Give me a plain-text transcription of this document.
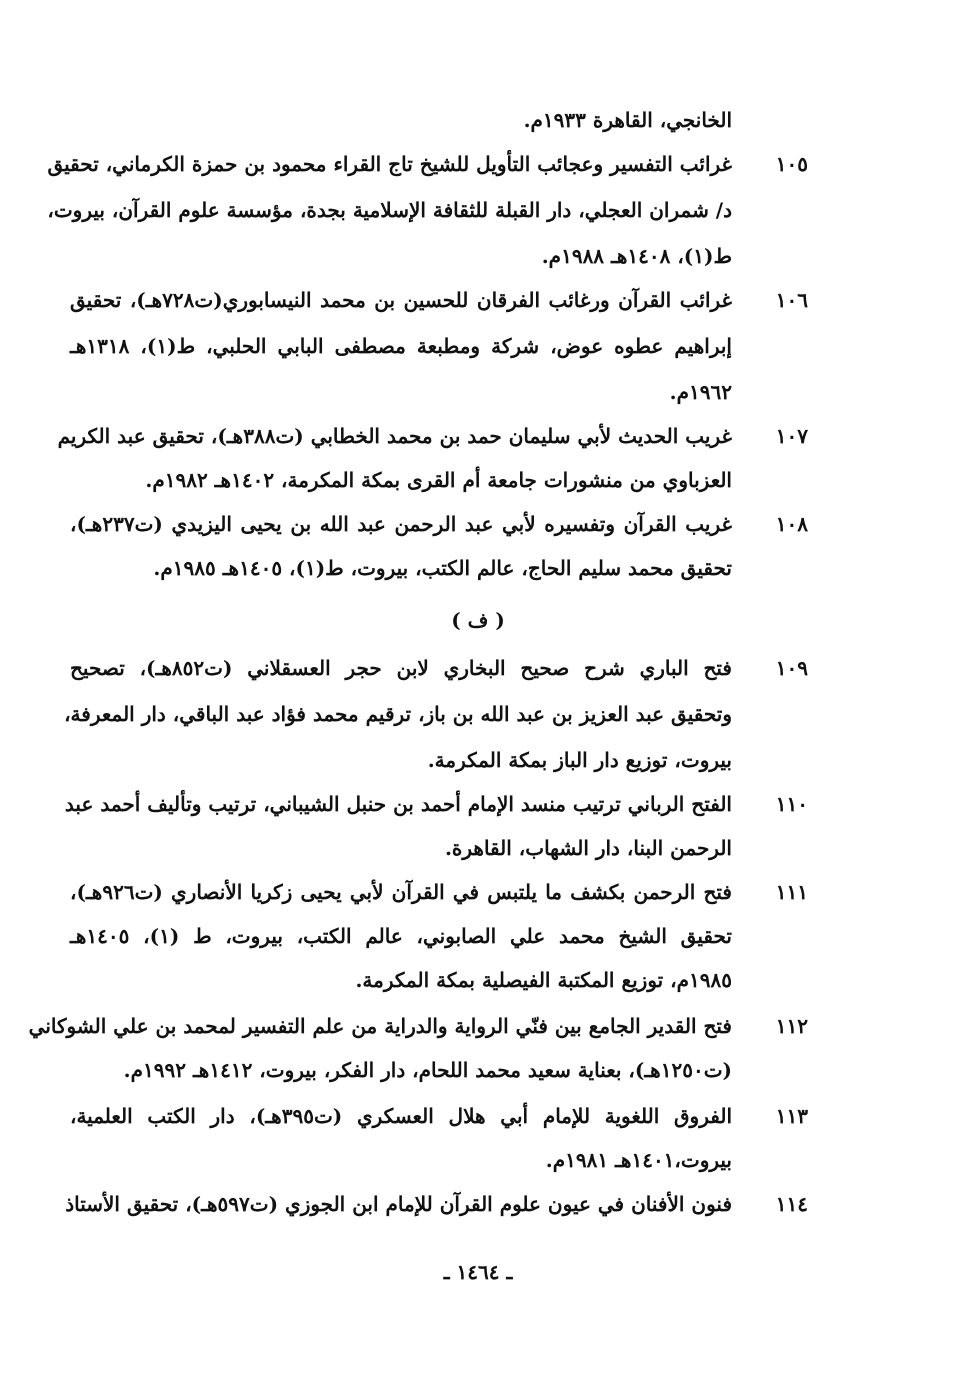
الخانجي، القاهرة ١٩٣٣م.
١٠٥
غرائب التفسير وعجائب التأويل للشيخ تاج القراء محمود بن حمزة الكرماني، تحقيق
د/ شمران العجلي، دار القبلة للثقافة الإسلامية بجدة، مؤسسة علوم القرآن، بيروت،
ط(١)، ١٤٠٨هـ ١٩٨٨م.
١٠٦
غرائب القرآن ورغائب الفرقان للحسين بن محمد النيسابوري(ت٧٢٨هـ)، تحقيق
إبراهيم عطوه عوض، شركة ومطبعة مصطفى البابي الحلبي، ط(١)، ١٣١٨هـ
١٩٦٢م.
١٠٧
غريب الحديث لأبي سليمان حمد بن محمد الخطابي (ت٣٨٨هـ)، تحقيق عبد الكريم
العزباوي من منشورات جامعة أم القرى بمكة المكرمة، ١٤٠٢هـ ١٩٨٢م.
١٠٨
غريب القرآن وتفسيره لأبي عبد الرحمن عبد الله بن يحيى اليزيدي (ت٢٣٧هـ)،
تحقيق محمد سليم الحاج، عالم الكتب، بيروت، ط(١)، ١٤٠٥هـ ١٩٨٥م.
( ف )
١٠٩
فتح الباري شرح صحيح البخاري لابن حجر العسقلاني (ت٨٥٢هـ)، تصحيح
وتحقيق عبد العزيز بن عبد الله بن باز، ترقيم محمد فؤاد عبد الباقي، دار المعرفة،
بيروت، توزيع دار الباز بمكة المكرمة.
١١٠
الفتح الرباني ترتيب منسد الإمام أحمد بن حنبل الشيباني، ترتيب وتأليف أحمد عبد
الرحمن البنا، دار الشهاب، القاهرة.
١١١
فتح الرحمن بكشف ما يلتبس في القرآن لأبي يحيى زكريا الأنصاري (ت٩٢٦هـ)،
تحقيق الشيخ محمد علي الصابوني، عالم الكتب، بيروت، ط (١)، ١٤٠٥هـ
١٩٨٥م، توزيع المكتبة الفيصلية بمكة المكرمة.
١١٢
فتح القدير الجامع بين فنّي الرواية والدراية من علم التفسير لمحمد بن علي الشوكاني
(ت١٢٥٠هـ)، بعناية سعيد محمد اللحام، دار الفكر، بيروت، ١٤١٢هـ ١٩٩٢م.
١١٣
الفروق اللغوية للإمام أبي هلال العسكري (ت٣٩٥هـ)، دار الكتب العلمية،
بيروت،١٤٠١هـ ١٩٨١م.
١١٤
فنون الأفنان في عيون علوم القرآن للإمام ابن الجوزي (ت٥٩٧هـ)، تحقيق الأستاذ
ـ ١٤٦٤ ـ
